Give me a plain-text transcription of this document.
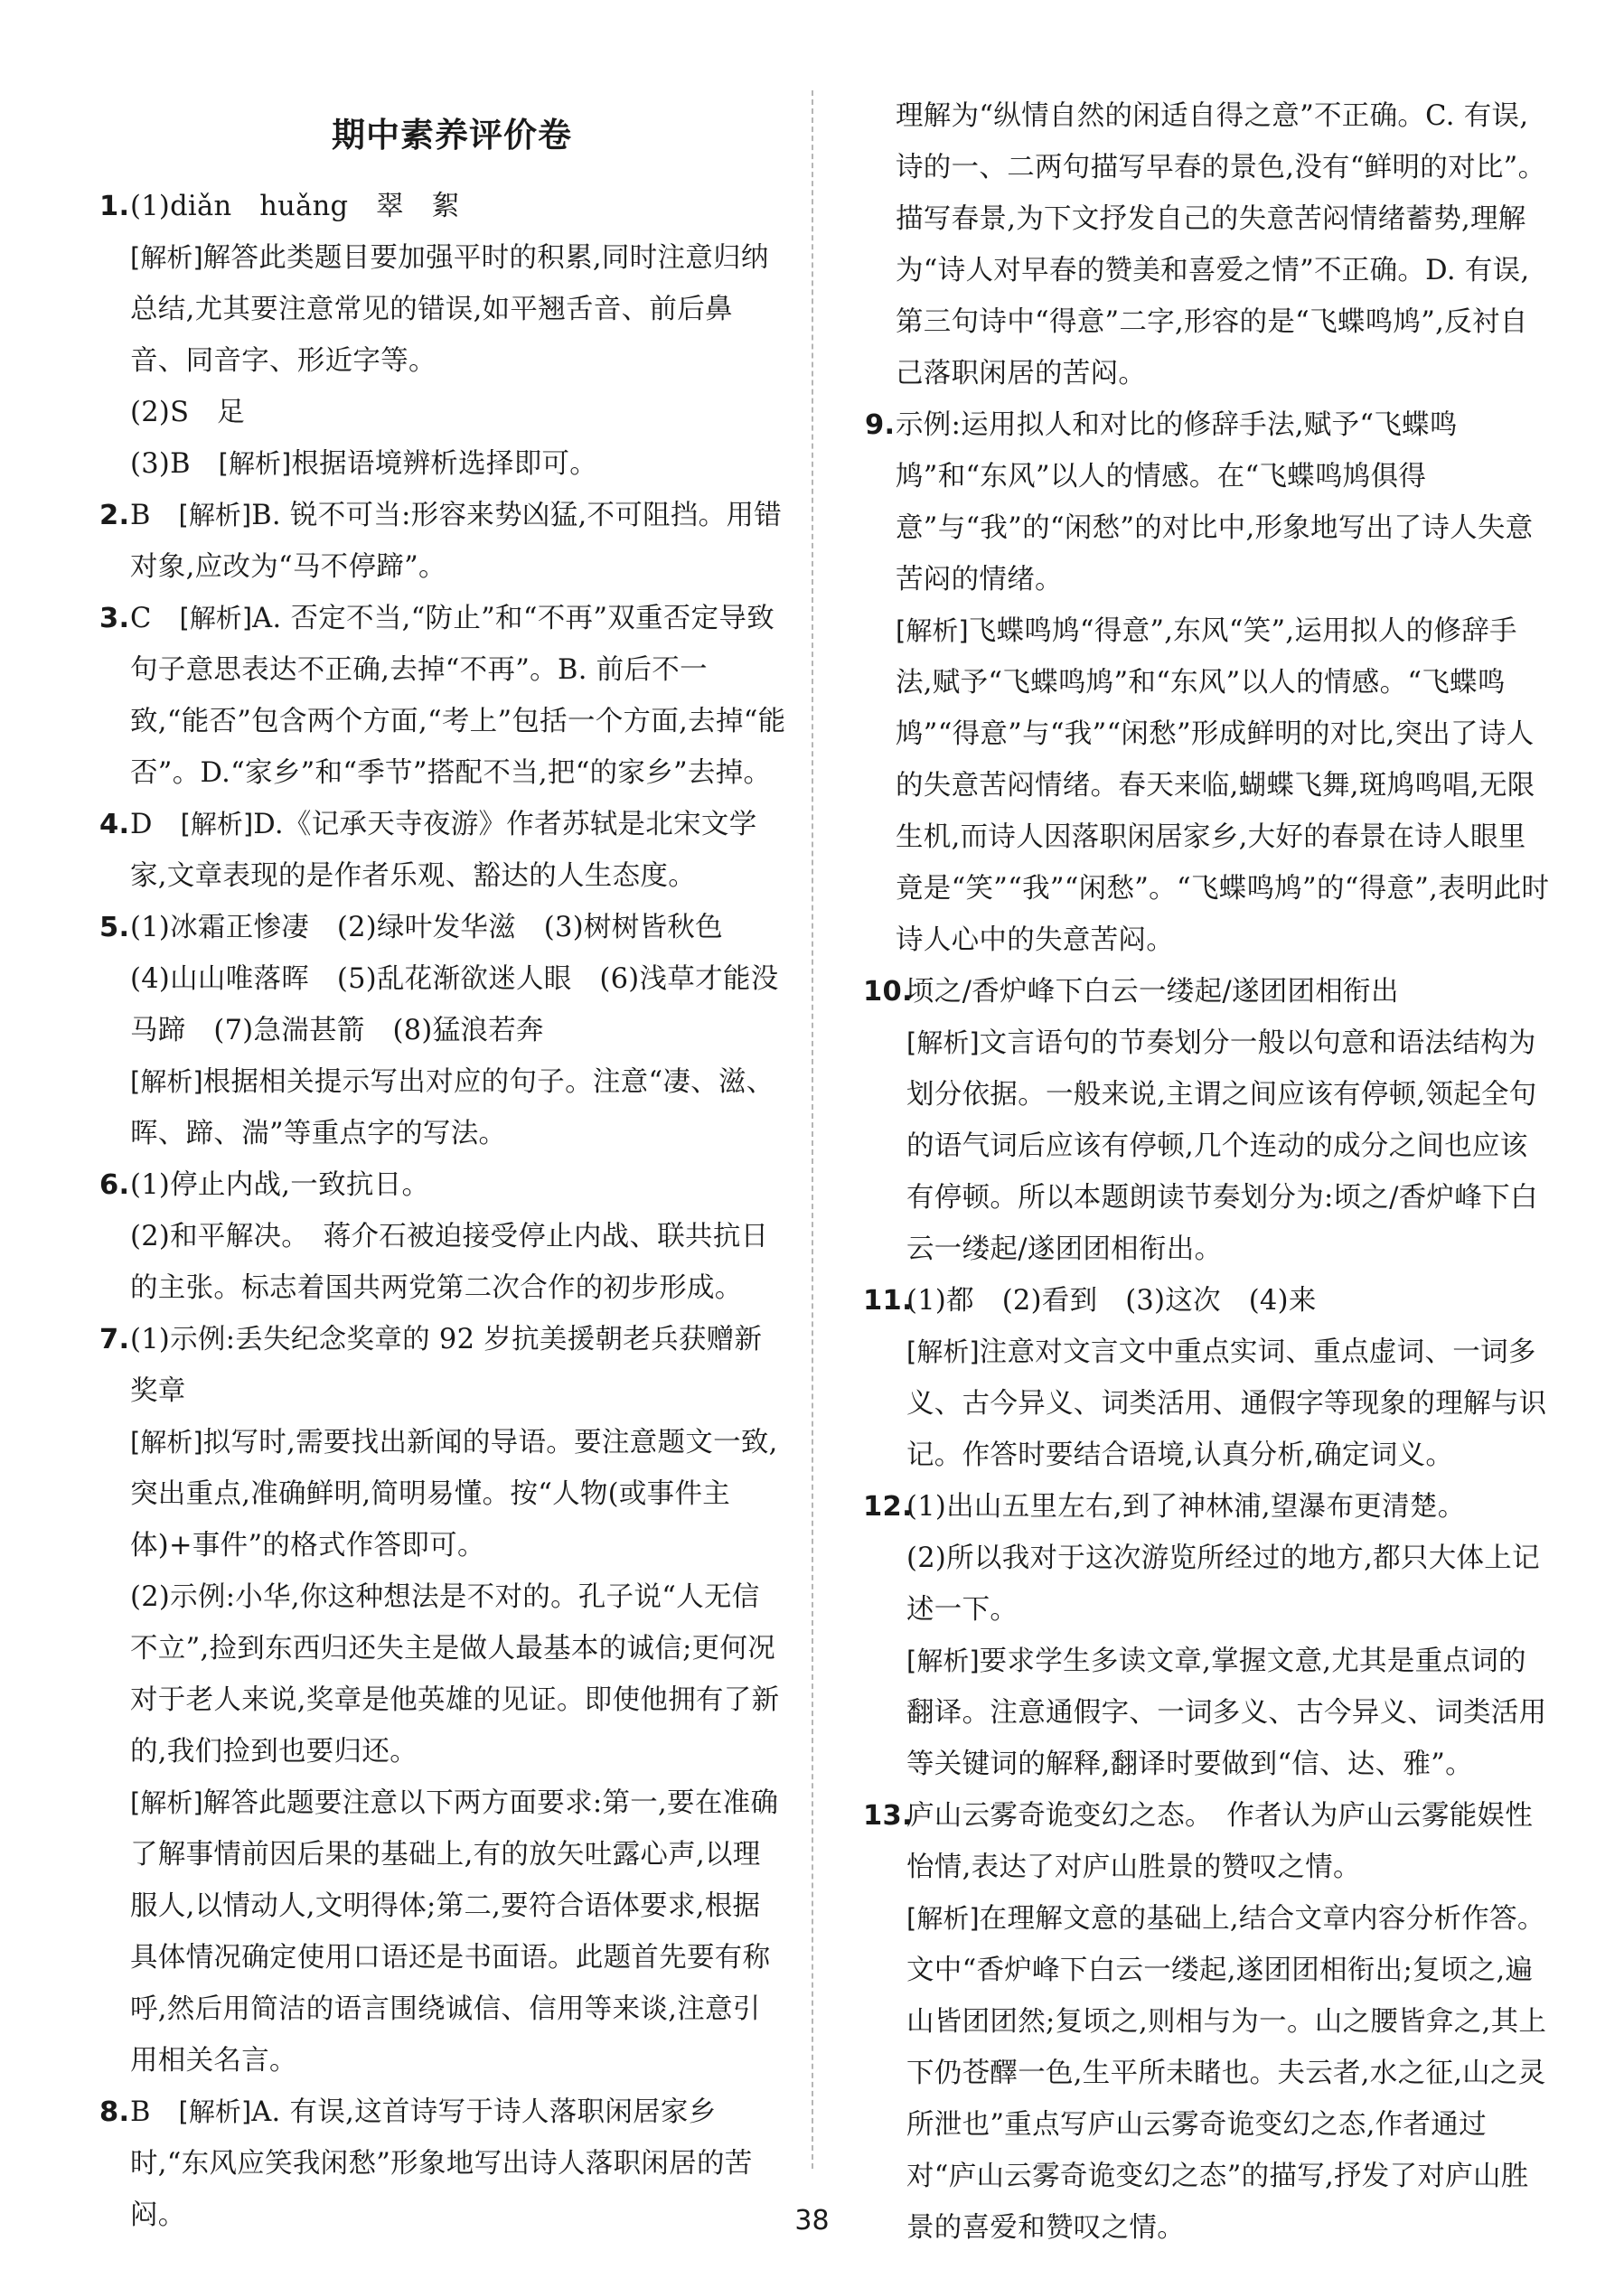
期中素养评价卷
1. (1)diǎn　huǎng　翠　絮

[ 解析 ] 解答此类题目要加强平时的积累,同时注意归纳总结,尤其要注意常见的错误,如平翘舌音、前后鼻音、同音字、形近字等。

(2)S　足

(3)B　 [ 解析 ] 根据语境辨析选择即可。

2. B　 [ 解析 ] B. 锐不可当:形容来势凶猛,不可阻挡。用错对象,应改为“马不停蹄”。

3. C　 [ 解析 ] A. 否定不当,“防止”和“不再”双重否定导致句子意思表达不正确,去掉“不再”。B. 前后不一致,“能否”包含两个方面,“考上”包括一个方面,去掉“能否”。D.“家乡”和“季节”搭配不当,把“的家乡”去掉。

4. D　 [ 解析 ] D.《记承天寺夜游》作者苏轼是北宋文学家,文章表现的是作者乐观、豁达的人生态度。

5. (1)冰霜正惨凄　(2)绿叶发华滋　(3)树树皆秋色　(4)山山唯落晖　(5)乱花渐欲迷人眼　(6)浅草才能没马蹄　(7)急湍甚箭　(8)猛浪若奔

[ 解析 ] 根据相关提示写出对应的句子。注意“凄、滋、晖、蹄、湍”等重点字的写法。

6. (1)停止内战,一致抗日。

(2)和平解决。　蒋介石被迫接受停止内战、联共抗日的主张。标志着国共两党第二次合作的初步形成。

7. (1)示例:丢失纪念奖章的 92 岁抗美援朝老兵获赠新奖章

[ 解析 ] 拟写时,需要找出新闻的导语。要注意题文一致,突出重点,准确鲜明,简明易懂。按“人物(或事件主体)+事件”的格式作答即可。

(2)示例:小华,你这种想法是不对的。孔子说“人无信不立”,捡到东西归还失主是做人最基本的诚信;更何况对于老人来说,奖章是他英雄的见证。即使他拥有了新的,我们捡到也要归还。

[ 解析 ] 解答此题要注意以下两方面要求:第一,要在准确了解事情前因后果的基础上,有的放矢吐露心声,以理服人,以情动人,文明得体;第二,要符合语体要求,根据具体情况确定使用口语还是书面语。此题首先要有称呼,然后用简洁的语言围绕诚信、信用等来谈,注意引用相关名言。

8. B　 [ 解析 ] A. 有误,这首诗写于诗人落职闲居家乡时,“东风应笑我闲愁”形象地写出诗人落职闲居的苦闷。

理解为“纵情自然的闲适自得之意”不正确。C. 有误,诗的一、二两句描写早春的景色,没有“鲜明的对比”。描写春景,为下文抒发自己的失意苦闷情绪蓄势,理解为“诗人对早春的赞美和喜爱之情”不正确。D. 有误,第三句诗中“得意”二字,形容的是“飞蝶鸣鸠”,反衬自己落职闲居的苦闷。

9. 示例:运用拟人和对比的修辞手法,赋予“飞蝶鸣鸠”和“东风”以人的情感。在“飞蝶鸣鸠俱得意”与“我”的“闲愁”的对比中,形象地写出了诗人失意苦闷的情绪。

[ 解析 ] 飞蝶鸣鸠“得意”,东风“笑”,运用拟人的修辞手法,赋予“飞蝶鸣鸠”和“东风”以人的情感。“飞蝶鸣鸠”“得意”与“我”“闲愁”形成鲜明的对比,突出了诗人的失意苦闷情绪。春天来临,蝴蝶飞舞,斑鸠鸣唱,无限生机,而诗人因落职闲居家乡,大好的春景在诗人眼里竟是“笑”“我”“闲愁”。“飞蝶鸣鸠”的“得意”,表明此时诗人心中的失意苦闷。

10.

顷之/香炉峰下白云一缕起/遂团团相衔出

[ 解析 ] 文言语句的节奏划分一般以句意和语法结构为划分依据。一般来说,主谓之间应该有停顿,领起全句的语气词后应该有停顿,几个连动的成分之间也应该有停顿。所以本题朗读节奏划分为:顷之/香炉峰下白云一缕起/遂团团相衔出。

11.

(1)都　(2)看到　(3)这次　(4)来

[ 解析 ] 注意对文言文中重点实词、重点虚词、一词多义、古今异义、词类活用、通假字等现象的理解与识记。作答时要结合语境,认真分析,确定词义。

12.

(1)出山五里左右,到了神林浦,望瀑布更清楚。

(2)所以我对于这次游览所经过的地方,都只大体上记述一下。

[ 解析 ] 要求学生多读文章,掌握文意,尤其是重点词的翻译。注意通假字、一词多义、古今异义、词类活用等关键词的解释,翻译时要做到“信、达、雅”。

13.

庐山云雾奇诡变幻之态。　作者认为庐山云雾能娱性怡情,表达了对庐山胜景的赞叹之情。

[ 解析 ] 在理解文意的基础上,结合文章内容分析作答。文中“香炉峰下白云一缕起,遂团团相衔出;复顷之,遍山皆团团然;复顷之,则相与为一。山之腰皆弇之,其上下仍苍醳一色,生平所未睹也。夫云者,水之征,山之灵所泄也”重点写庐山云雾奇诡变幻之态,作者通过对“庐山云雾奇诡变幻之态”的描写,抒发了对庐山胜景的喜爱和赞叹之情。

38
